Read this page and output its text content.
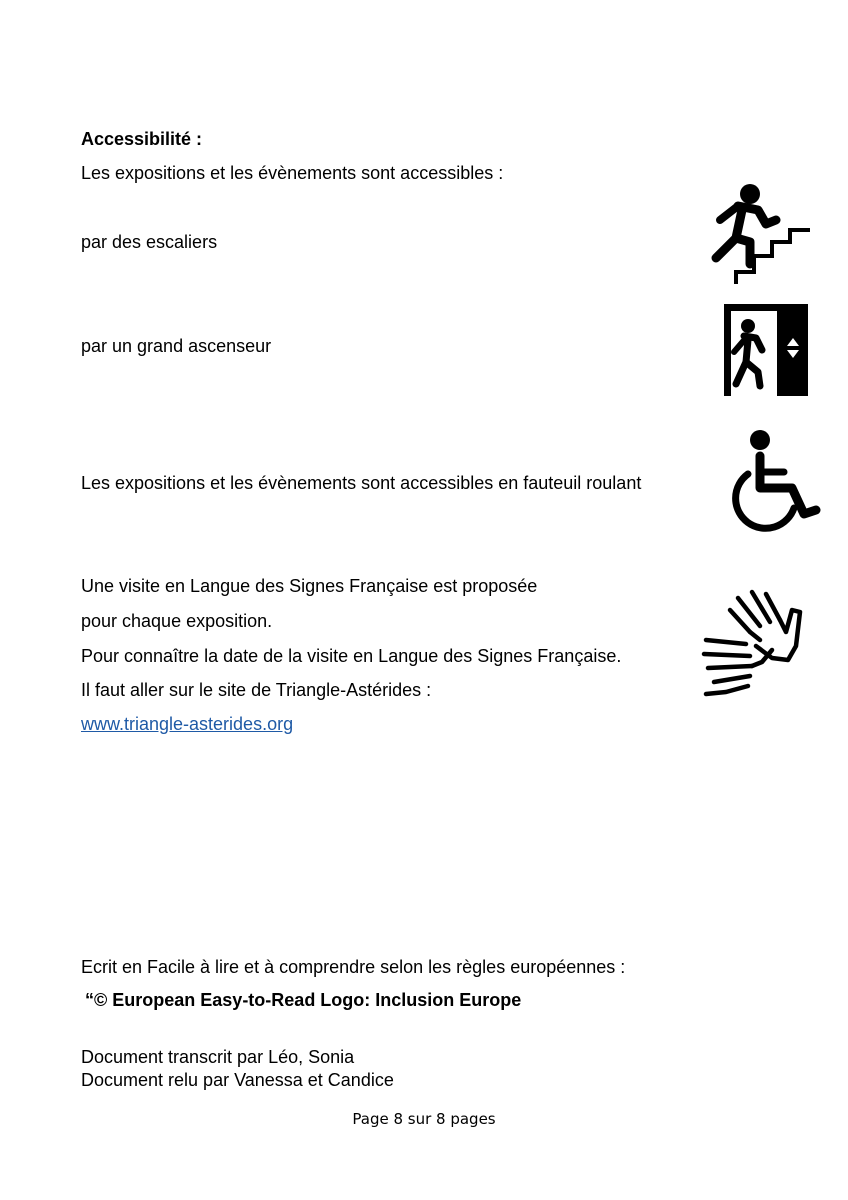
Accessibilité :
Les expositions et les évènements sont accessibles :
par des escaliers
par un grand ascenseur
Les expositions et les évènements sont accessibles en fauteuil roulant
Une visite en Langue des Signes Française est proposée
pour chaque exposition.
Pour connaître la date de la visite en Langue des Signes Française.
Il faut aller sur le site de Triangle-Astérides :
www.triangle-asterides.org
Ecrit en Facile à lire et à comprendre selon les règles européennes :
“© European Easy-to-Read Logo: Inclusion Europe
Document transcrit par Léo, Sonia
Document relu par Vanessa et Candice
Page 8 sur 8 pages
